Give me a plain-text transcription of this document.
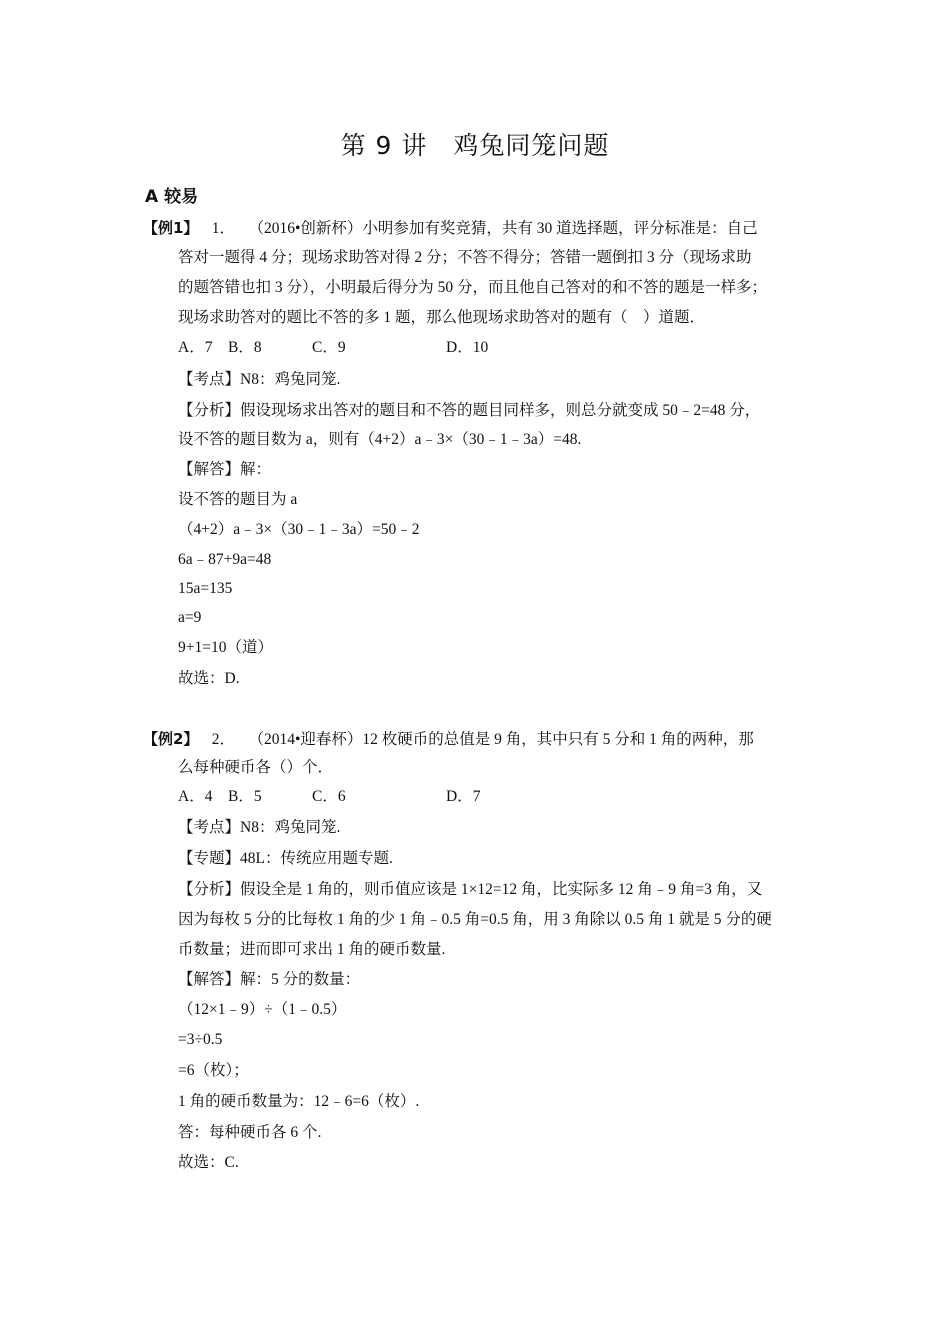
第 9 讲　鸡兔同笼问题
A 较易
【例1】 1． （2016•创新杯）小明参加有奖竞猜，共有 30 道选择题，评分标准是：自己
答对一题得 4 分；现场求助答对得 2 分；不答不得分；答错一题倒扣 3 分（现场求助
的题答错也扣 3 分），小明最后得分为 50 分，而且他自己答对的和不答的题是一样多；
现场求助答对的题比不答的多 1 题，那么他现场求助答对的题有（　）道题．
A．7 B．8	C．9	D．10
【考点】N8：鸡兔同笼.
【分析】假设现场求出答对的题目和不答的题目同样多，则总分就变成 50﹣2=48 分，
设不答的题目数为 a，则有（4+2）a﹣3×（30﹣1﹣3a）=48.
【解答】解：
设不答的题目为 a
（4+2）a﹣3×（30﹣1﹣3a）=50﹣2
6a﹣87+9a=48
15a=135
a=9
9+1=10（道）
故选：D.
【例2】 2． （2014•迎春杯）12 枚硬币的总值是 9 角，其中只有 5 分和 1 角的两种，那
么每种硬币各（）个．
A．4 B．5	C．6	D．7
【考点】N8：鸡兔同笼.
【专题】48L：传统应用题专题.
【分析】假设全是 1 角的，则币值应该是 1×12=12 角，比实际多 12 角﹣9 角=3 角，又
因为每枚 5 分的比每枚 1 角的少 1 角﹣0.5 角=0.5 角，用 3 角除以 0.5 角 1 就是 5 分的硬
币数量；进而即可求出 1 角的硬币数量.
【解答】解：5 分的数量：
（12×1﹣9）÷（1﹣0.5）
=3÷0.5
=6（枚）；
1 角的硬币数量为：12﹣6=6（枚）.
答：每种硬币各 6 个.
故选：C.
